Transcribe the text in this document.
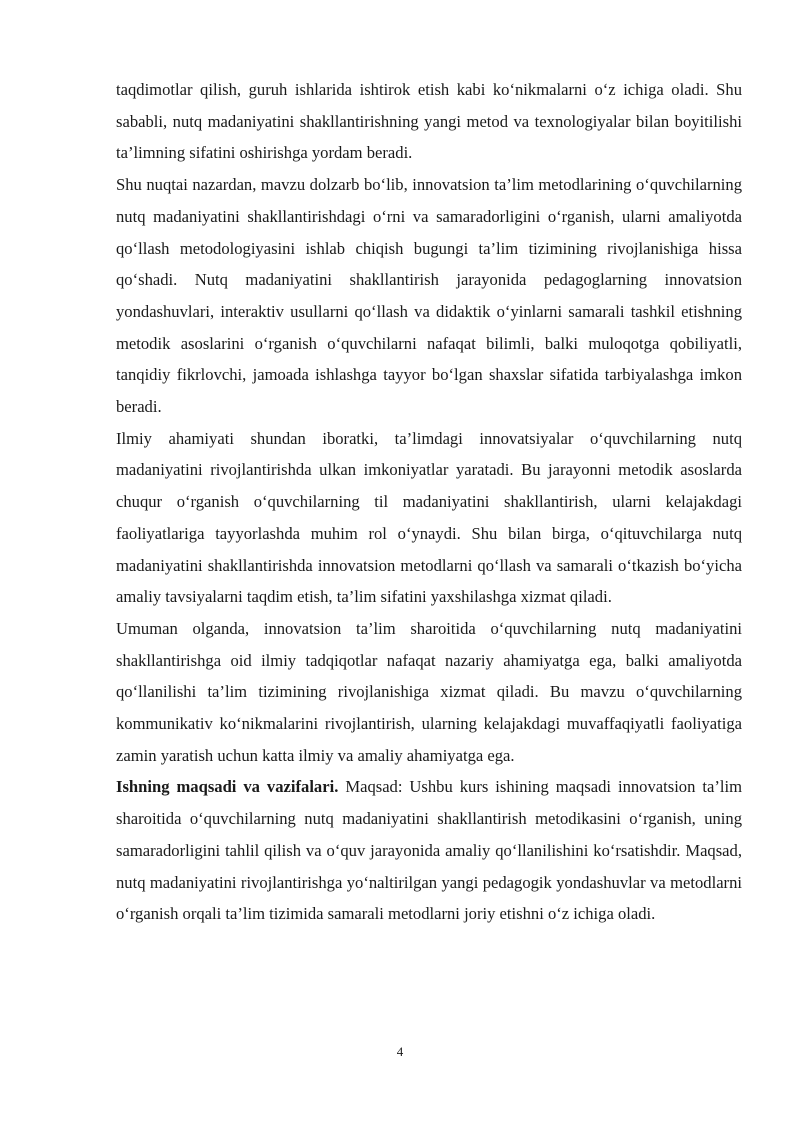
taqdimotlar qilish, guruh ishlarida ishtirok etish kabi ko‘nikmalarni o‘z ichiga oladi. Shu sababli, nutq madaniyatini shakllantirishning yangi metod va texnologiyalar bilan boyitilishi ta’limning sifatini oshirishga yordam beradi.

Shu nuqtai nazardan, mavzu dolzarb bo‘lib, innovatsion ta’lim metodlarining o‘quvchilarning nutq madaniyatini shakllantirishdagi o‘rni va samaradorligini o‘rganish, ularni amaliyotda qo‘llash metodologiyasini ishlab chiqish bugungi ta’lim tizimining rivojlanishiga hissa qo‘shadi. Nutq madaniyatini shakllantirish jarayonida pedagoglarning innovatsion yondashuvlari, interaktiv usullarni qo‘llash va didaktik o‘yinlarni samarali tashkil etishning metodik asoslarini o‘rganish o‘quvchilarni nafaqat bilimli, balki muloqotga qobiliyatli, tanqidiy fikrlovchi, jamoada ishlashga tayyor bo‘lgan shaxslar sifatida tarbiyalashga imkon beradi.

Ilmiy ahamiyati shundan iboratki, ta’limdagi innovatsiyalar o‘quvchilarning nutq madaniyatini rivojlantirishda ulkan imkoniyatlar yaratadi. Bu jarayonni metodik asoslarda chuqur o‘rganish o‘quvchilarning til madaniyatini shakllantirish, ularni kelajakdagi faoliyatlariga tayyorlashda muhim rol o‘ynaydi. Shu bilan birga, o‘qituvchilarga nutq madaniyatini shakllantirishda innovatsion metodlarni qo‘llash va samarali o‘tkazish bo‘yicha amaliy tavsiyalarni taqdim etish, ta’lim sifatini yaxshilashga xizmat qiladi.

Umuman olganda, innovatsion ta’lim sharoitida o‘quvchilarning nutq madaniyatini shakllantirishga oid ilmiy tadqiqotlar nafaqat nazariy ahamiyatga ega, balki amaliyotda qo‘llanilishi ta’lim tizimining rivojlanishiga xizmat qiladi. Bu mavzu o‘quvchilarning kommunikativ ko‘nikmalarini rivojlantirish, ularning kelajakdagi muvaffaqiyatli faoliyatiga zamin yaratish uchun katta ilmiy va amaliy ahamiyatga ega.

Ishning maqsadi va vazifalari. Maqsad: Ushbu kurs ishining maqsadi innovatsion ta’lim sharoitida o‘quvchilarning nutq madaniyatini shakllantirish metodikasini o‘rganish, uning samaradorligini tahlil qilish va o‘quv jarayonida amaliy qo‘llanilishini ko‘rsatishdir. Maqsad, nutq madaniyatini rivojlantirishga yo‘naltirilgan yangi pedagogik yondashuvlar va metodlarni o‘rganish orqali ta’lim tizimida samarali metodlarni joriy etishni o‘z ichiga oladi.

4
